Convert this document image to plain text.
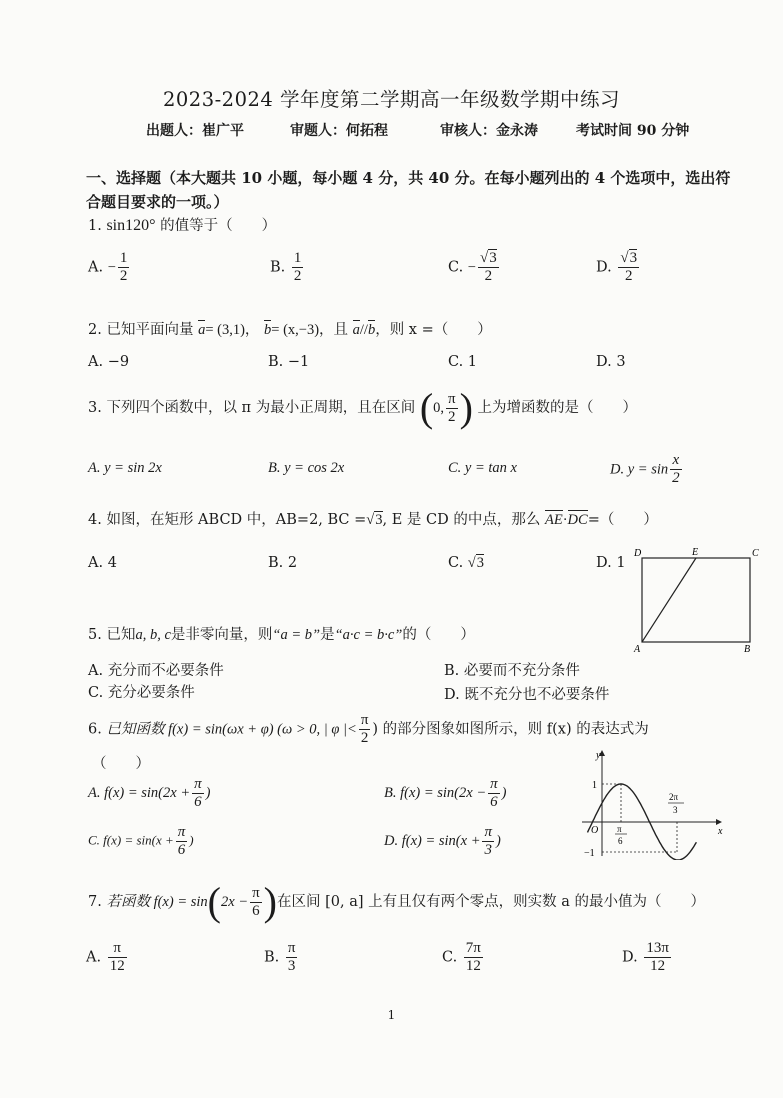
2023-2024 学年度第二学期高一年级数学期中练习
出题人：崔广平	审题人：何拓程	审核人：金永涛	考试时间 90 分钟
一、选择题（本大题共 10 小题，每小题 4 分，共 40 分。在每小题列出的 4 个选项中，选出符合题目要求的一项。）
1. sin120° 的值等于（　　）
A. − $\frac{1}{2}$	B. $\frac{1}{2}$	C. − $\frac{√3}{2}$	D. $\frac{√3}{2}$
2. 已知平面向量 a= (3,1)， b= (x,−3)，且 a//b，则 x =（　　）
A. −9	B. −1	C. 1	D. 3
3. 下列四个函数中，以 π 为最小正周期，且在区间 (0, $\frac{\pi}{2}$ ) 上为增函数的是（　　）
A. y = sin 2x	B. y = cos 2x	C. y = tan x	D. $y = \sin \frac{x}{2}$
4. 如图，在矩形 ABCD 中，AB=2, BC =√3, E 是 CD 的中点，那么 AE·DC=（　　）
A. 4	B. 2	C. √3	D. 1
D	E	C
A	B
5. 已知a, b, c是非零向量，则“a = b”是“a·c = b·c”的（　　）
A. 充分而不必要条件	B. 必要而不充分条件
C. 充分必要条件	D. 既不充分也不必要条件
6. 已知函数 f(x) = sin(ωx + φ) (ω > 0, | φ |< $\frac{\pi}{2}$ ) 的部分图象如图所示，则 f(x) 的表达式为
（　　）
A. $f(x) = \sin(2x + \frac{\pi}{6}$ )	B. $f(x) = \sin(2x - \frac{\pi}{6}$ )
C. $f(x) = \sin(x + \frac{\pi}{6}$ )	D. $f(x) = \sin(x + \frac{\pi}{3}$ )
y
x
1
−1
O π
6
2π
3
7. 若函数 $f(x) = \sin(2x - \frac{\pi}{6}$ )在区间 [0, a] 上有且仅有两个零点，则实数 a 的最小值为（　　）
A. $\frac{\pi}{12}$	B. $\frac{\pi}{3}$	C. $\frac{7\pi}{12}$	D. $\frac{13\pi}{12}$
1
